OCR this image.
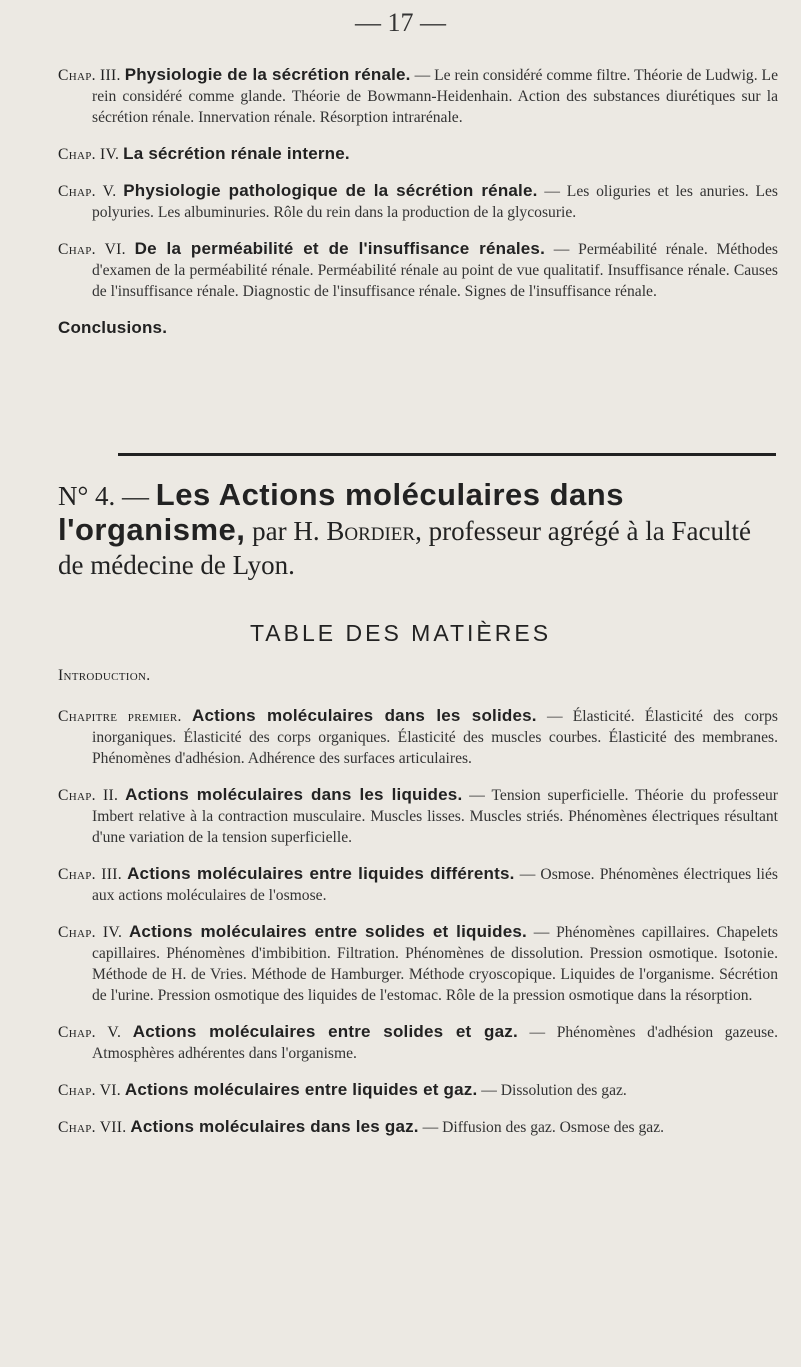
— 17 —

Chap. III. Physiologie de la sécrétion rénale. — Le rein considéré comme filtre. Théorie de Ludwig. Le rein considéré comme glande. Théorie de Bowmann-Heidenhain. Action des substances diurétiques sur la sécrétion rénale. Innervation rénale. Résorption intrarénale.

Chap. IV. La sécrétion rénale interne.

Chap. V. Physiologie pathologique de la sécrétion rénale. — Les oliguries et les anuries. Les polyuries. Les albuminuries. Rôle du rein dans la production de la glycosurie.

Chap. VI. De la perméabilité et de l'insuffisance rénales. — Perméabilité rénale. Méthodes d'examen de la perméabilité rénale. Perméabilité rénale au point de vue qualitatif. Insuffisance rénale. Causes de l'insuffisance rénale. Diagnostic de l'insuffisance rénale. Signes de l'insuffisance rénale.

Conclusions.

N° 4. — Les Actions moléculaires dans l'organisme, par H. Bordier, professeur agrégé à la Faculté de médecine de Lyon.
TABLE DES MATIÈRES

Introduction.

Chapitre premier. Actions moléculaires dans les solides. — Élasticité. Élasticité des corps inorganiques. Élasticité des corps organiques. Élasticité des muscles courbes. Élasticité des membranes. Phénomènes d'adhésion. Adhérence des surfaces articulaires.

Chap. II. Actions moléculaires dans les liquides. — Tension superficielle. Théorie du professeur Imbert relative à la contraction musculaire. Muscles lisses. Muscles striés. Phénomènes électriques résultant d'une variation de la tension superficielle.

Chap. III. Actions moléculaires entre liquides différents. — Osmose. Phénomènes électriques liés aux actions moléculaires de l'osmose.

Chap. IV. Actions moléculaires entre solides et liquides. — Phénomènes capillaires. Chapelets capillaires. Phénomènes d'imbibition. Filtration. Phénomènes de dissolution. Pression osmotique. Isotonie. Méthode de H. de Vries. Méthode de Hamburger. Méthode cryoscopique. Liquides de l'organisme. Sécrétion de l'urine. Pression osmotique des liquides de l'estomac. Rôle de la pression osmotique dans la résorption.

Chap. V. Actions moléculaires entre solides et gaz. — Phénomènes d'adhésion gazeuse. Atmosphères adhérentes dans l'organisme.

Chap. VI. Actions moléculaires entre liquides et gaz. — Dissolution des gaz.

Chap. VII. Actions moléculaires dans les gaz. — Diffusion des gaz. Osmose des gaz.
